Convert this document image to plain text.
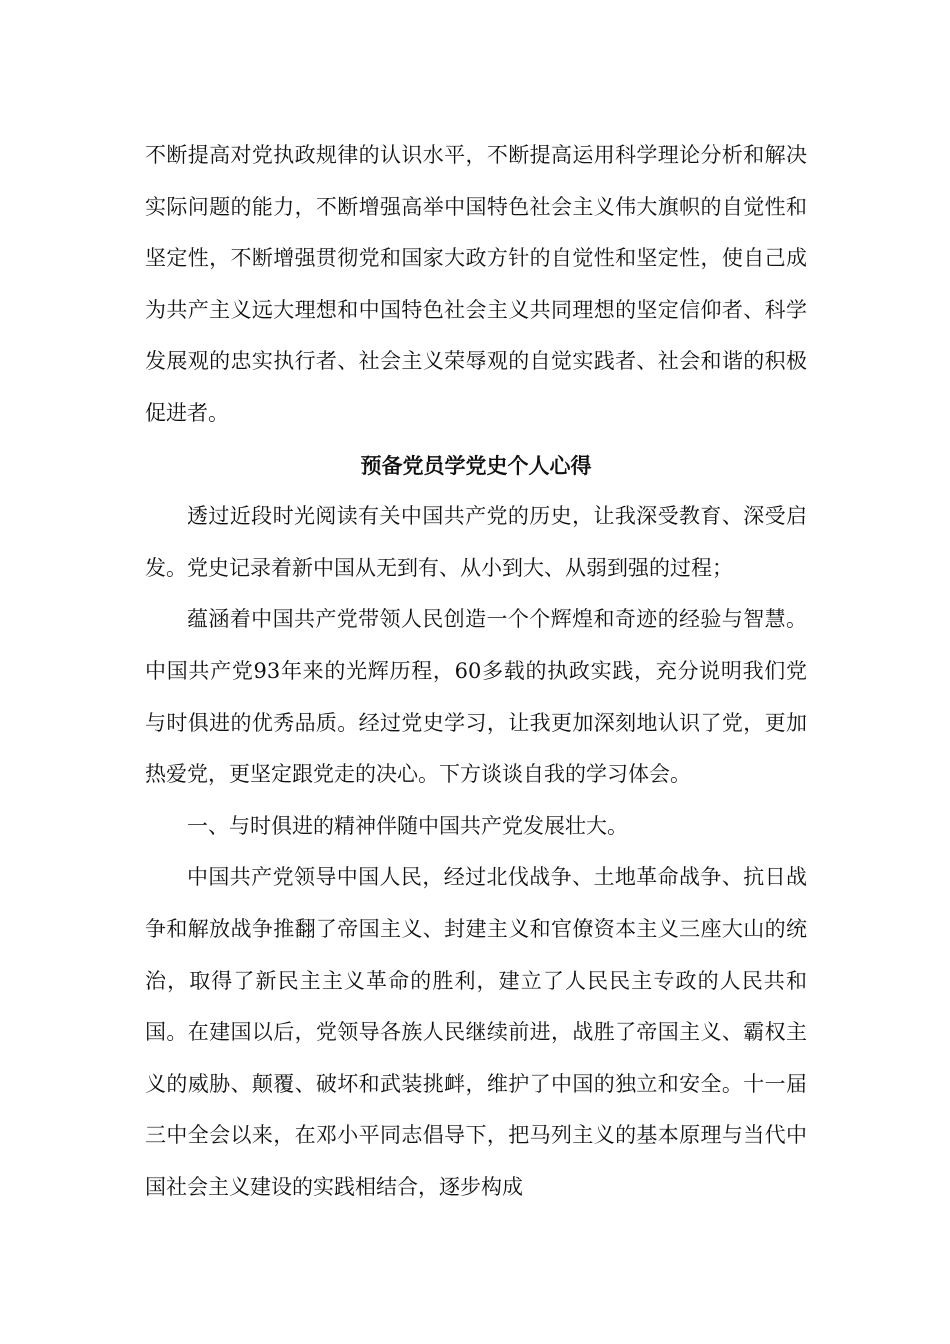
不断提高对党执政规律的认识水平，不断提高运用科学理论分析和解决实际问题的能力，不断增强高举中国特色社会主义伟大旗帜的自觉性和坚定性，不断增强贯彻党和国家大政方针的自觉性和坚定性，使自己成为共产主义远大理想和中国特色社会主义共同理想的坚定信仰者、科学发展观的忠实执行者、社会主义荣辱观的自觉实践者、社会和谐的积极促进者。

预备党员学党史个人心得

透过近段时光阅读有关中国共产党的历史，让我深受教育、深受启发。党史记录着新中国从无到有、从小到大、从弱到强的过程；

蕴涵着中国共产党带领人民创造一个个辉煌和奇迹的经验与智慧。中国共产党93年来的光辉历程，60多载的执政实践，充分说明我们党与时俱进的优秀品质。经过党史学习，让我更加深刻地认识了党，更加热爱党，更坚定跟党走的决心。下方谈谈自我的学习体会。

一、与时俱进的精神伴随中国共产党发展壮大。

中国共产党领导中国人民，经过北伐战争、土地革命战争、抗日战争和解放战争推翻了帝国主义、封建主义和官僚资本主义三座大山的统治，取得了新民主主义革命的胜利，建立了人民民主专政的人民共和国。在建国以后，党领导各族人民继续前进，战胜了帝国主义、霸权主义的威胁、颠覆、破坏和武装挑衅，维护了中国的独立和安全。十一届三中全会以来，在邓小平同志倡导下，把马列主义的基本原理与当代中国社会主义建设的实践相结合，逐步构成
